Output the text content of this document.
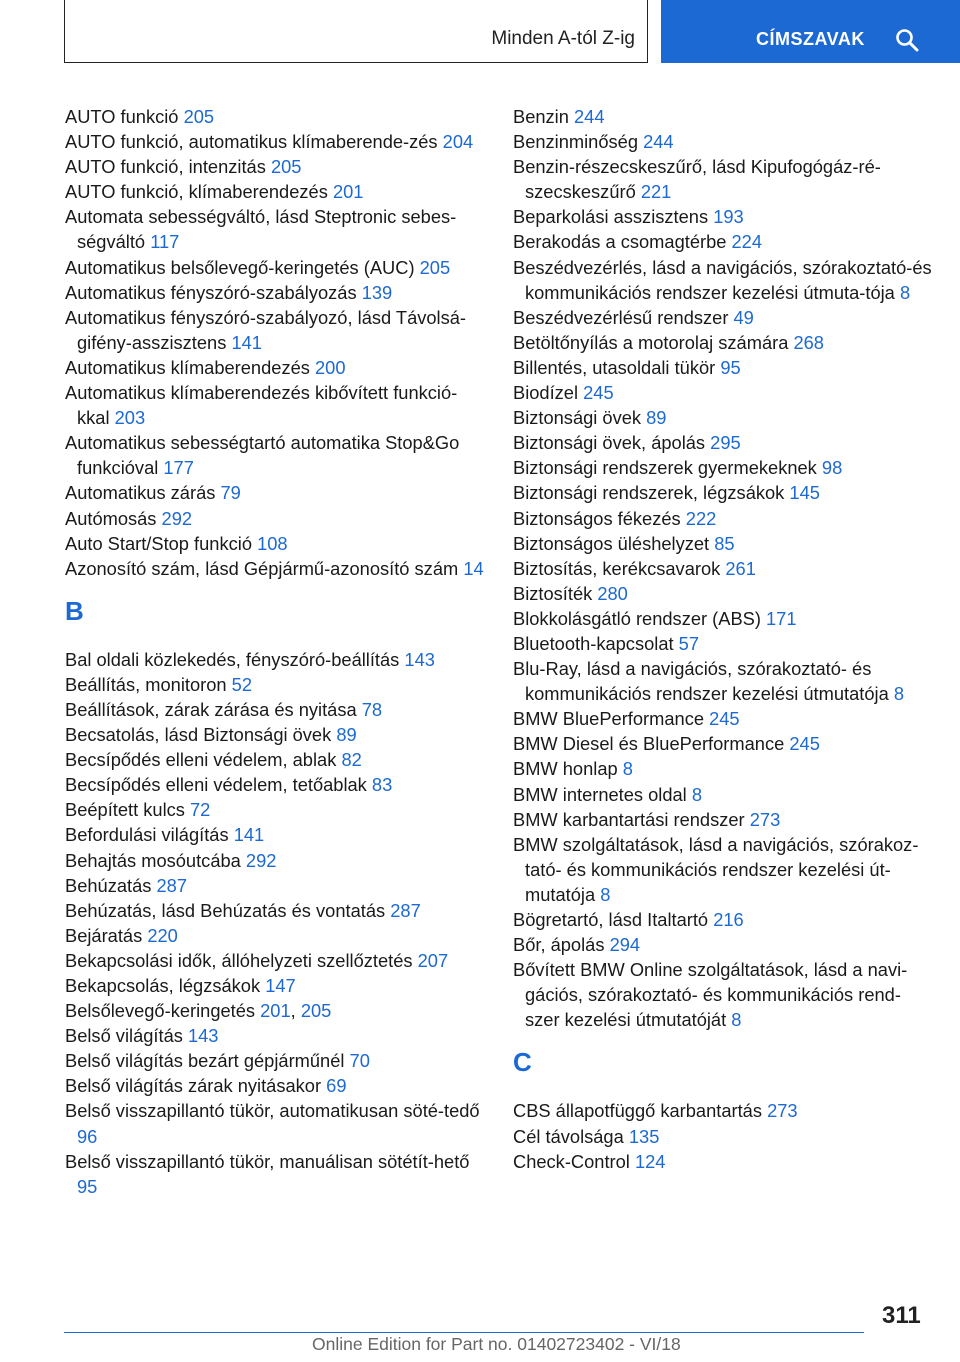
Minden A-tól Z-ig	CÍMSZAVAK
AUTO funkció 205
AUTO funkció, automatikus klímaberende-zés 204
AUTO funkció, intenzitás 205
AUTO funkció, klímaberendezés 201
Automata sebességváltó, lásd Steptronic sebes-ségváltó 117
Automatikus belsőlevegő-keringetés (AUC) 205
Automatikus fényszóró-szabályozás 139
Automatikus fényszóró-szabályozó, lásd Távolsá-gifény-asszisztens 141
Automatikus klímaberendezés 200
Automatikus klímaberendezés kibővített funkció-kkal 203
Automatikus sebességtartó automatika Stop&Go funkcióval 177
Automatikus zárás 79
Autómosás 292
Auto Start/Stop funkció 108
Azonosító szám, lásd Gépjármű-azonosító szám 14
B
Bal oldali közlekedés, fényszóró-beállítás 143
Beállítás, monitoron 52
Beállítások, zárak zárása és nyitása 78
Becsatolás, lásd Biztonsági övek 89
Becsípődés elleni védelem, ablak 82
Becsípődés elleni védelem, tetőablak 83
Beépített kulcs 72
Befordulási világítás 141
Behajtás mosóutcába 292
Behúzatás 287
Behúzatás, lásd Behúzatás és vontatás 287
Bejáratás 220
Bekapcsolási idők, állóhelyzeti szellőztetés 207
Bekapcsolás, légzsákok 147
Belsőlevegő-keringetés 201, 205
Belső világítás 143
Belső világítás bezárt gépjárműnél 70
Belső világítás zárak nyitásakor 69
Belső visszapillantó tükör, automatikusan söté-tedő 96
Belső visszapillantó tükör, manuálisan sötétít-hető 95
Benzin 244
Benzinminőség 244
Benzin-részecskeszűrő, lásd Kipufogógáz-ré-szecskeszűrő 221
Beparkolási asszisztens 193
Berakodás a csomagtérbe 224
Beszédvezérlés, lásd a navigációs, szórakoztató-és kommunikációs rendszer kezelési útmuta-tója 8
Beszédvezérlésű rendszer 49
Betöltőnyílás a motorolaj számára 268
Billentés, utasoldali tükör 95
Biodízel 245
Biztonsági övek 89
Biztonsági övek, ápolás 295
Biztonsági rendszerek gyermekeknek 98
Biztonsági rendszerek, légzsákok 145
Biztonságos fékezés 222
Biztonságos üléshelyzet 85
Biztosítás, kerékcsavarok 261
Biztosíték 280
Blokkolásgátló rendszer (ABS) 171
Bluetooth-kapcsolat 57
Blu-Ray, lásd a navigációs, szórakoztató- és kommunikációs rendszer kezelési útmutatója 8
BMW BluePerformance 245
BMW Diesel és BluePerformance 245
BMW honlap 8
BMW internetes oldal 8
BMW karbantartási rendszer 273
BMW szolgáltatások, lásd a navigációs, szórakoz-tató- és kommunikációs rendszer kezelési út-mutatója 8
Bögretartó, lásd Italtartó 216
Bőr, ápolás 294
Bővített BMW Online szolgáltatások, lásd a navi-gációs, szórakoztató- és kommunikációs rend-szer kezelési útmutatóját 8
C
CBS állapotfüggő karbantartás 273
Cél távolsága 135
Check-Control 124
311
Online Edition for Part no. 01402723402 - VI/18
